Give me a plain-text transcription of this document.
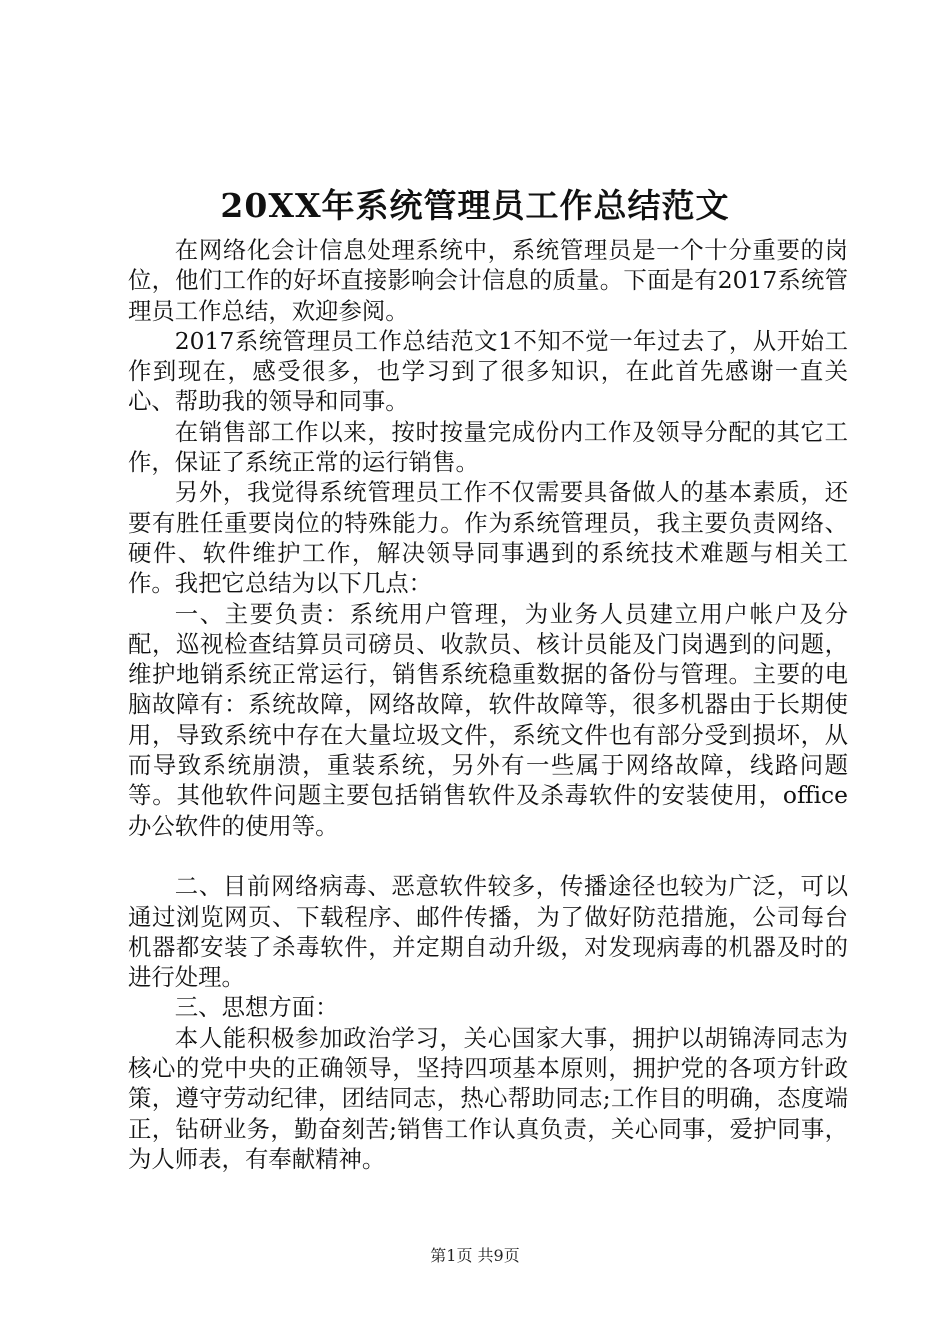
20XX年系统管理员工作总结范文

在网络化会计信息处理系统中，系统管理员是一个十分重要的岗位，他们工作的好坏直接影响会计信息的质量。下面是有2017系统管理员工作总结，欢迎参阅。

2017系统管理员工作总结范文1不知不觉一年过去了，从开始工作到现在，感受很多，也学习到了很多知识，在此首先感谢一直关心、帮助我的领导和同事。

在销售部工作以来，按时按量完成份内工作及领导分配的其它工作，保证了系统正常的运行销售。

另外，我觉得系统管理员工作不仅需要具备做人的基本素质，还要有胜任重要岗位的特殊能力。作为系统管理员，我主要负责网络、硬件、软件维护工作，解决领导同事遇到的系统技术难题与相关工作。我把它总结为以下几点：

一、主要负责：系统用户管理，为业务人员建立用户帐户及分配，巡视检查结算员司磅员、收款员、核计员能及门岗遇到的问题，维护地销系统正常运行，销售系统稳重数据的备份与管理。主要的电脑故障有：系统故障，网络故障，软件故障等，很多机器由于长期使用，导致系统中存在大量垃圾文件，系统文件也有部分受到损坏，从而导致系统崩溃，重装系统，另外有一些属于网络故障，线路问题等。其他软件问题主要包括销售软件及杀毒软件的安装使用，office办公软件的使用等。

二、目前网络病毒、恶意软件较多，传播途径也较为广泛，可以通过浏览网页、下载程序、邮件传播，为了做好防范措施，公司每台机器都安装了杀毒软件，并定期自动升级，对发现病毒的机器及时的进行处理。

三、思想方面：

本人能积极参加政治学习，关心国家大事，拥护以胡锦涛同志为核心的党中央的正确领导，坚持四项基本原则，拥护党的各项方针政策，遵守劳动纪律，团结同志，热心帮助同志;工作目的明确，态度端正，钻研业务，勤奋刻苦;销售工作认真负责，关心同事，爱护同事，为人师表，有奉献精神。

第1页 共9页
